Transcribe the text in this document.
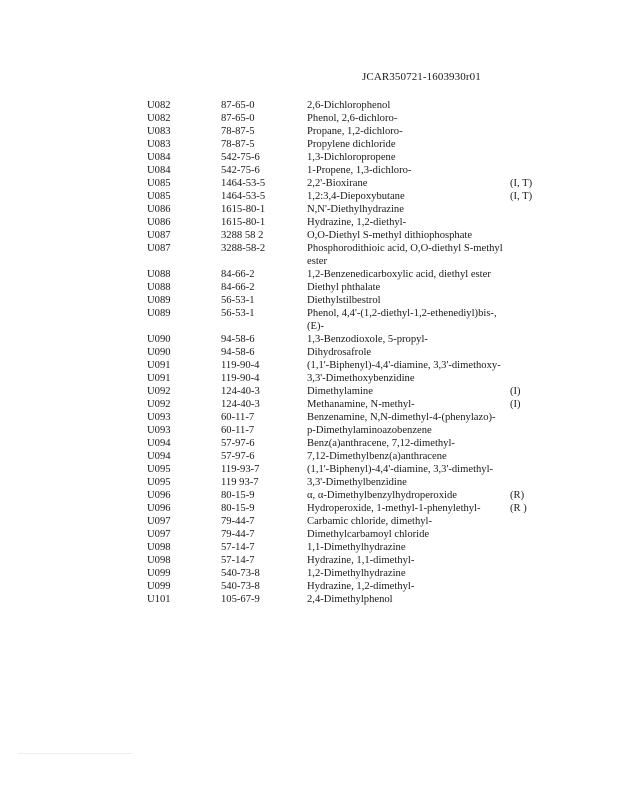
JCAR350721-1603930r01
U082	87-65-0	2,6-Dichlorophenol	
U082	87-65-0	Phenol, 2,6-dichloro-	
U083	78-87-5	Propane, 1,2-dichloro-	
U083	78-87-5	Propylene dichloride	
U084	542-75-6	1,3-Dichloropropene	
U084	542-75-6	1-Propene, 1,3-dichloro-	
U085	1464-53-5	2,2'-Bioxirane	(I, T)
U085	1464-53-5	1,2:3,4-Diepoxybutane	(I, T)
U086	1615-80-1	N,N'-Diethylhydrazine	
U086	1615-80-1	Hydrazine, 1,2-diethyl-	
U087	3288 58 2	O,O-Diethyl S-methyl dithiophosphate	
U087	3288-58-2	Phosphorodithioic acid, O,O-diethyl S-methyl ester	
U088	84-66-2	1,2-Benzenedicarboxylic acid, diethyl ester	
U088	84-66-2	Diethyl phthalate	
U089	56-53-1	Diethylstilbestrol	
U089	56-53-1	Phenol, 4,4'-(1,2-diethyl-1,2-ethenediyl)bis-, (E)-	
U090	94-58-6	1,3-Benzodioxole, 5-propyl-	
U090	94-58-6	Dihydrosafrole	
U091	119-90-4	(1,1'-Biphenyl)-4,4'-diamine, 3,3'-dimethoxy-	
U091	119-90-4	3,3'-Dimethoxybenzidine	
U092	124-40-3	Dimethylamine	(I)
U092	124-40-3	Methanamine, N-methyl-	(I)
U093	60-11-7	Benzenamine, N,N-dimethyl-4-(phenylazo)-	
U093	60-11-7	p-Dimethylaminoazobenzene	
U094	57-97-6	Benz(a)anthracene, 7,12-dimethyl-	
U094	57-97-6	7,12-Dimethylbenz(a)anthracene	
U095	119-93-7	(1,1'-Biphenyl)-4,4'-diamine, 3,3'-dimethyl-	
U095	119 93-7	3,3'-Dimethylbenzidine	
U096	80-15-9	α, α-Dimethylbenzylhydroperoxide	(R)
U096	80-15-9	Hydroperoxide, 1-methyl-1-phenylethyl-	(R )
U097	79-44-7	Carbamic chloride, dimethyl-	
U097	79-44-7	Dimethylcarbamoyl chloride	
U098	57-14-7	1,1-Dimethylhydrazine	
U098	57-14-7	Hydrazine, 1,1-dimethyl-	
U099	540-73-8	1,2-Dimethylhydrazine	
U099	540-73-8	Hydrazine, 1,2-dimethyl-	
U101	105-67-9	2,4-Dimethylphenol	
